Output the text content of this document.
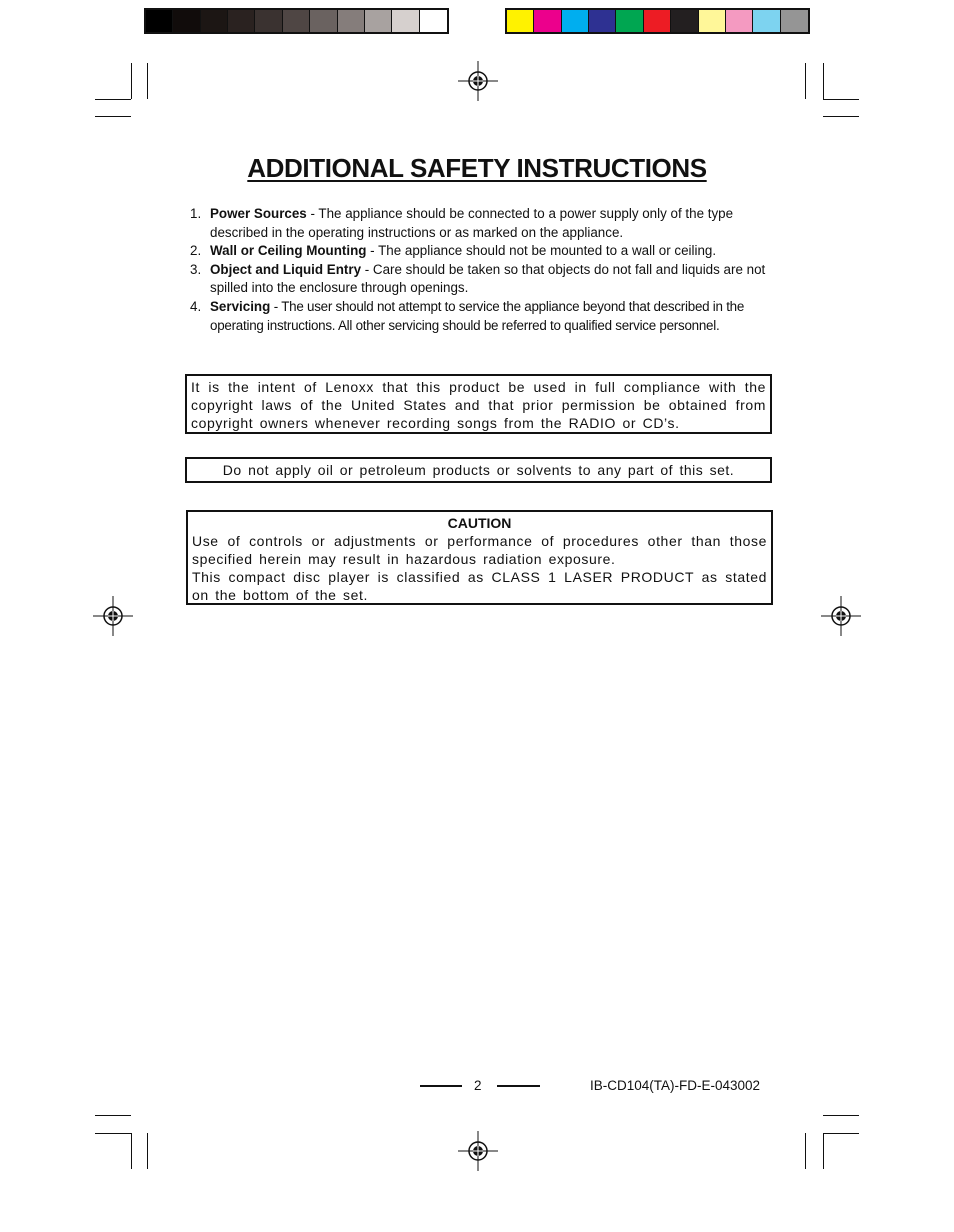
ADDITIONAL SAFETY INSTRUCTIONS
1. Power Sources - The appliance should be connected to a power supply only of the type described in the operating instructions or as marked on the appliance.
2. Wall or Ceiling Mounting - The appliance should not be mounted to a wall or ceiling.
3. Object and Liquid Entry - Care should be taken so that objects do not fall and liquids are not spilled into the enclosure through openings.
4. Servicing - The user should not attempt to service the appliance beyond that described in the operating instructions. All other servicing should be referred to qualified service personnel.
It is the intent of Lenoxx that this product be used in full compliance with the copyright laws of the United States and that prior permission be obtained from copyright owners whenever recording songs from the RADIO or CD’s.
Do not apply oil or petroleum products or solvents to any part of this set.
CAUTION
Use of controls or adjustments or performance of procedures other than those specified herein may result in hazardous radiation exposure.
This compact disc player is classified as CLASS 1 LASER PRODUCT as stated on the bottom of the set.
2	IB-CD104(TA)-FD-E-043002
